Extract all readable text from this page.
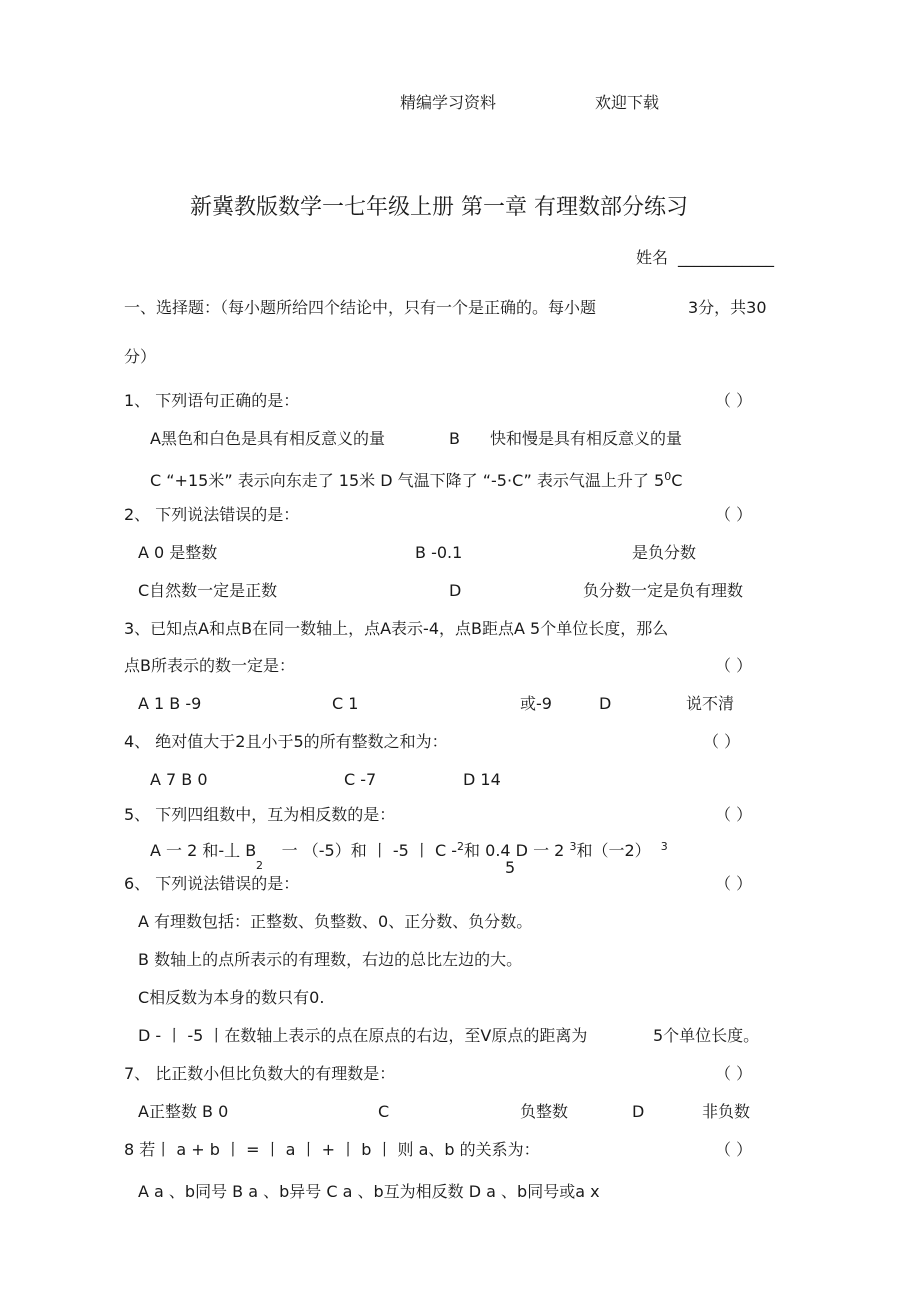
精编学习资料	欢迎下载
新冀教版数学一七年级上册 第一章 有理数部分练习
姓名 ____________
一、选择题：（每小题所给四个结论中，只有一个是正确的。每小题	3分，共30
分）
1、 下列语句正确的是：	（ ）
A黑色和白色是具有相反意义的量	B 快和慢是具有相反意义的量
C “+15米” 表示向东走了 15米 D 气温下降了 “-5·C” 表示气温上升了 $5^0C$
2、 下列说法错误的是：	（ ）
A 0 是整数	B -0.1	是负分数
C自然数一定是正数	D	负分数一定是负有理数
3、已知点A和点B在同一数轴上，点A表示-4，点B距点A 5个单位长度，那么
点B所表示的数一定是：	（ ）
A 1 B -9	C 1	或-9	D	说不清
4、 绝对值大于2且小于5的所有整数之和为：	（ ）
A 7 B 0	C -7	D 14
5、 下列四组数中，互为相反数的是：	（ ）
A 一 2 和-丄 B 一 （-5）和 丨 -5 丨 C -$^2$和 0.4 D 一 2 $^3$和（一2） $^3$
2	5
6、 下列说法错误的是：	（ ）
A 有理数包括：正整数、负整数、0、正分数、负分数。
B 数轴上的点所表示的有理数，右边的总比左边的大。
C相反数为本身的数只有0.
D - 丨 -5 丨在数轴上表示的点在原点的右边，至V原点的距离为	5个单位长度。
7、 比正数小但比负数大的有理数是：	（ ）
A正整数 B 0	C	负整数	D	非负数
8 若丨 a + b 丨 = 丨 a 丨 + 丨 b 丨 则 a、b 的关系为：	（ ）
A a 、b同号 B a 、b异号 C a 、b互为相反数 D a 、b同号或a x
